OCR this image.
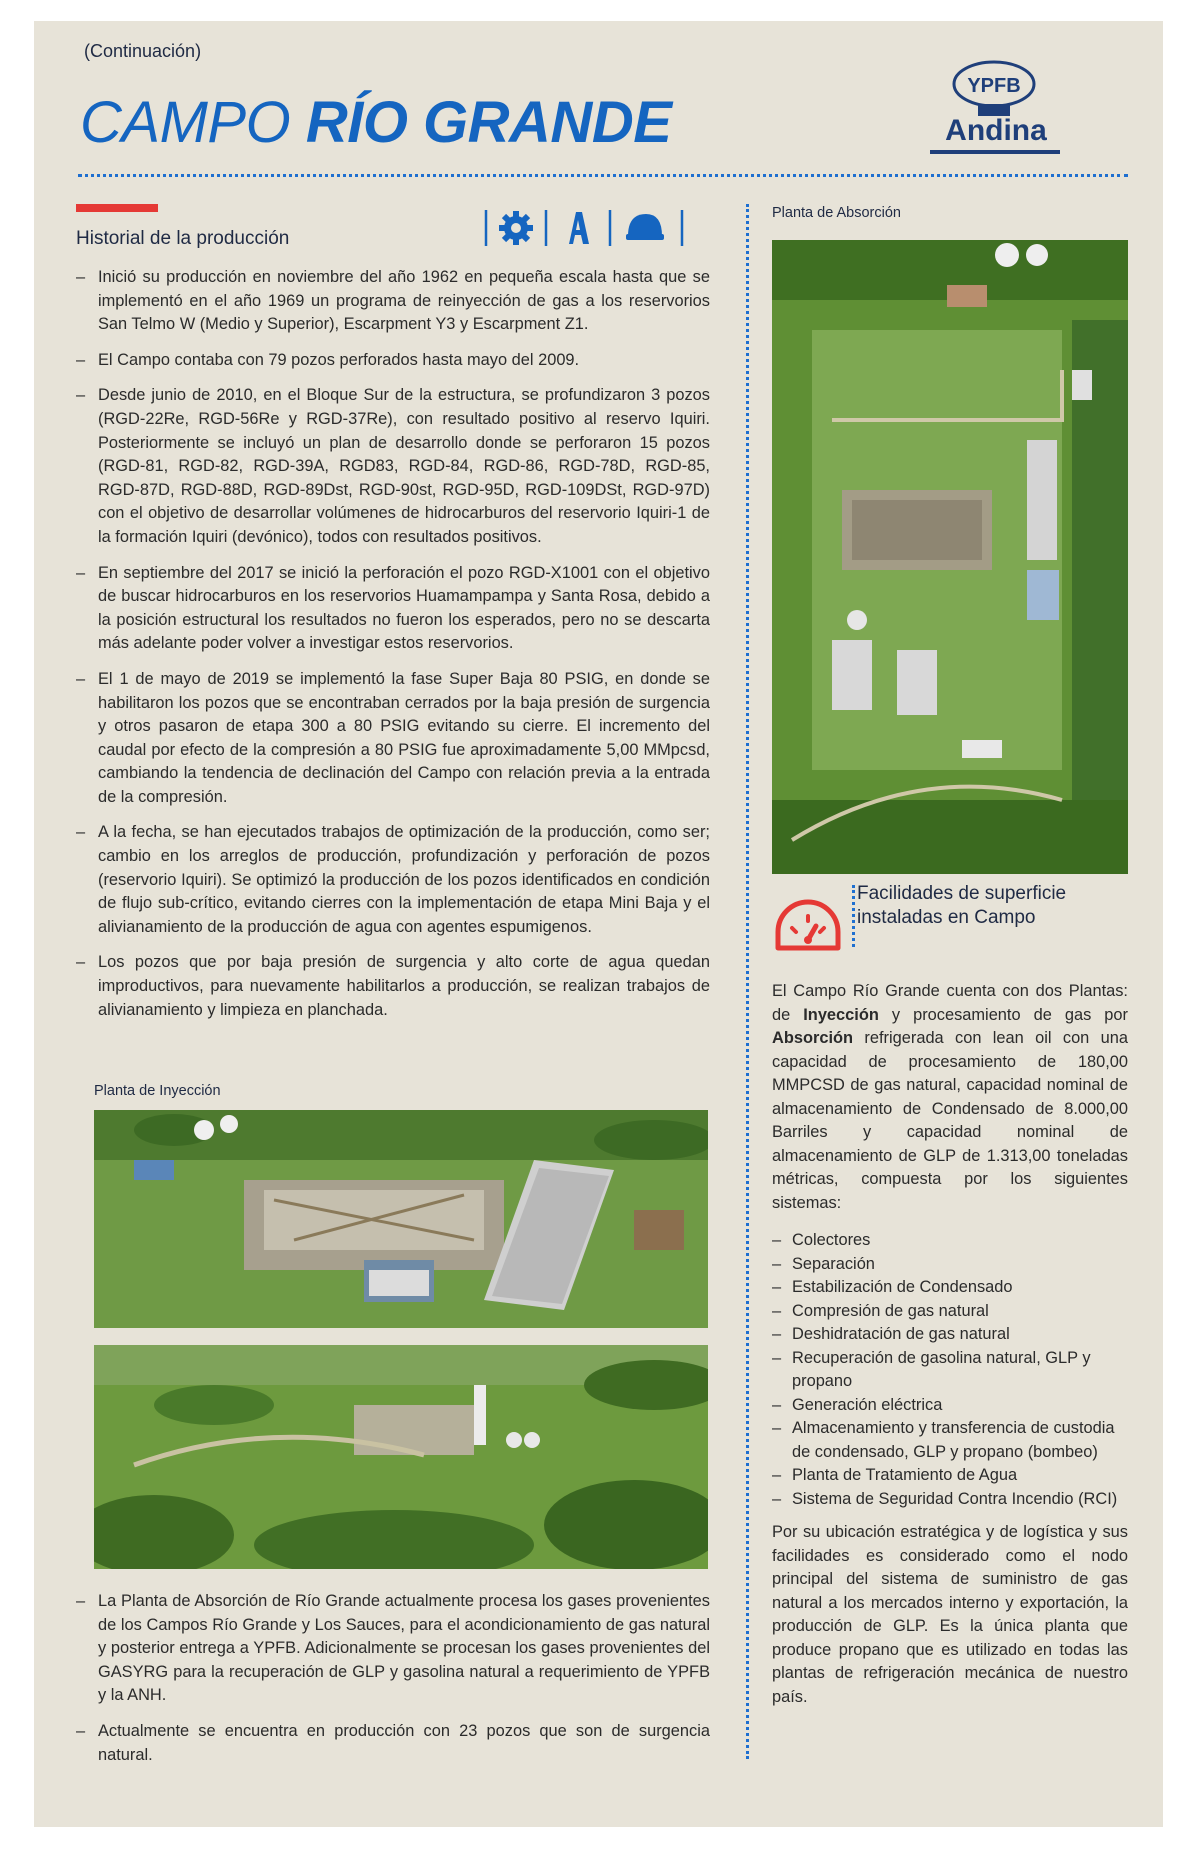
(Continuación)
CAMPO RÍO GRANDE
YPFB
Andina
Historial de la producción
– Inició su producción en noviembre del año 1962 en pequeña escala hasta que se implementó en el año 1969 un programa de reinyección de gas a los reservorios San Telmo W (Medio y Superior), Escarpment Y3 y Escarpment Z1.
– El Campo contaba con 79 pozos perforados hasta mayo del 2009.
– Desde junio de 2010, en el Bloque Sur de la estructura, se profundizaron 3 pozos (RGD-22Re, RGD-56Re y RGD-37Re), con resultado positivo al reservo Iquiri. Posteriormente se incluyó un plan de desarrollo donde se perforaron 15 pozos (RGD-81, RGD-82, RGD-39A, RGD83, RGD-84, RGD-86, RGD-78D, RGD-85, RGD-87D, RGD-88D, RGD-89Dst, RGD-90st, RGD-95D, RGD-109DSt, RGD-97D) con el objetivo de desarrollar volúmenes de hidrocarburos del reservorio Iquiri-1 de la formación Iquiri (devónico), todos con resultados positivos.
– En septiembre del 2017 se inició la perforación el pozo RGD-X1001 con el objetivo de buscar hidrocarburos en los reservorios Huamampampa y Santa Rosa, debido a la posición estructural los resultados no fueron los esperados, pero no se descarta más adelante poder volver a investigar estos reservorios.
– El 1 de mayo de 2019 se implementó la fase Super Baja 80 PSIG, en donde se habilitaron los pozos que se encontraban cerrados por la baja presión de surgencia y otros pasaron de etapa 300 a 80 PSIG evitando su cierre. El incremento del caudal por efecto de la compresión a 80 PSIG fue aproximadamente 5,00 MMpcsd, cambiando la tendencia de declinación del Campo con relación previa a la entrada de la compresión.
– A la fecha, se han ejecutados trabajos de optimización de la producción, como ser; cambio en los arreglos de producción, profundización y perforación de pozos (reservorio Iquiri). Se optimizó la producción de los pozos identificados en condición de flujo sub-crítico, evitando cierres con la implementación de etapa Mini Baja y el alivianamiento de la producción de agua con agentes espumigenos.
– Los pozos que por baja presión de surgencia y alto corte de agua quedan improductivos, para nuevamente habilitarlos a producción, se realizan trabajos de alivianamiento y limpieza en planchada.
Planta de Inyección
– La Planta de Absorción de Río Grande actualmente procesa los gases provenientes de los Campos Río Grande y Los Sauces, para el acondicionamiento de gas natural y posterior entrega a YPFB. Adicionalmente se procesan los gases provenientes del GASYRG para la recuperación de GLP y gasolina natural a requerimiento de YPFB y la ANH.
– Actualmente se encuentra en producción con 23 pozos que son de surgencia natural.
Planta de Absorción
Facilidades de superficie
instaladas en Campo
El Campo Río Grande cuenta con dos Plantas: de Inyección y procesamiento de gas por Absorción refrigerada con lean oil con una capacidad de procesamiento de 180,00 MMPCSD de gas natural, capacidad nominal de almacenamiento de Condensado de 8.000,00 Barriles y capacidad nominal de almacenamiento de GLP de 1.313,00 toneladas métricas, compuesta por los siguientes sistemas:
– Colectores
– Separación
– Estabilización de Condensado
– Compresión de gas natural
– Deshidratación de gas natural
– Recuperación de gasolina natural, GLP y propano
– Generación eléctrica
– Almacenamiento y transferencia de custodia de condensado, GLP y propano (bombeo)
– Planta de Tratamiento de Agua
– Sistema de Seguridad Contra Incendio (RCI)
Por su ubicación estratégica y de logística y sus facilidades es considerado como el nodo principal del sistema de suministro de gas natural a los mercados interno y exportación, la producción de GLP. Es la única planta que produce propano que es utilizado en todas las plantas de refrigeración mecánica de nuestro país.
